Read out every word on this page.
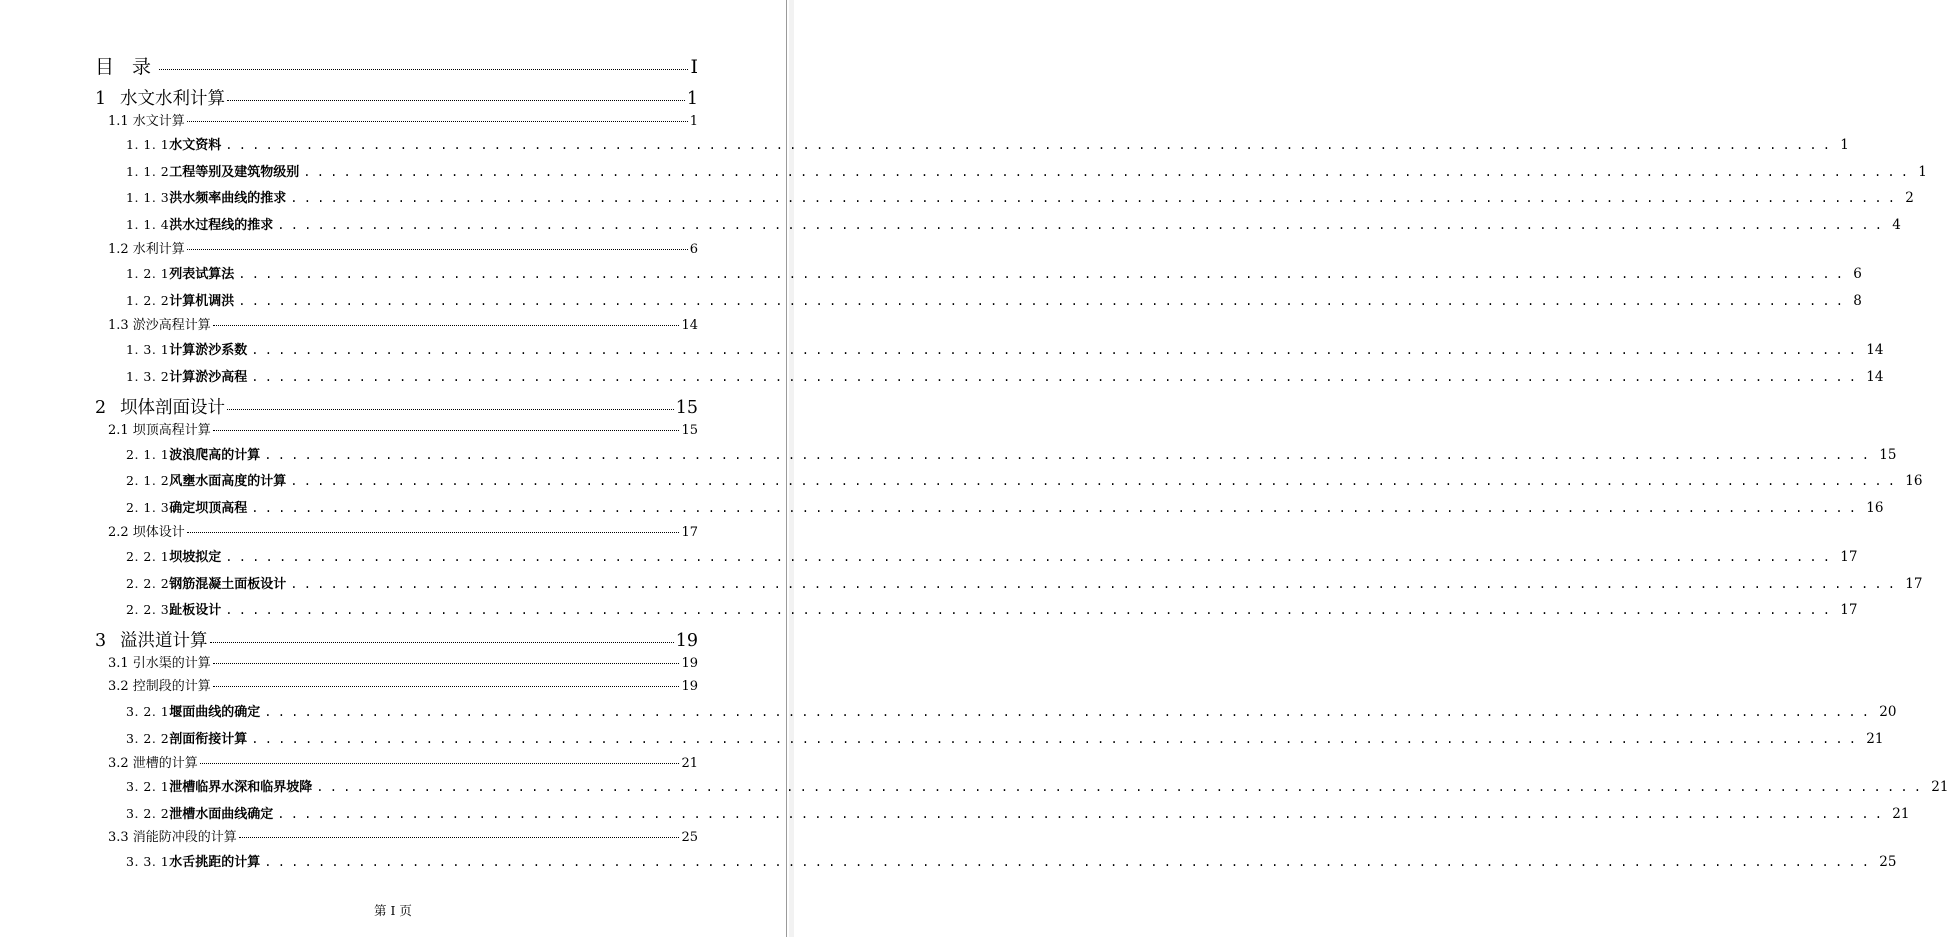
目 录	I
1 水文水利计算	1
1.1 水文计算	1
1. 1. 1水文资料 ........................................................................................................................ 1
1. 1. 2工程等别及建筑物级别 ........................................................................................................................ 1
1. 1. 3洪水频率曲线的推求 ........................................................................................................................ 2
1. 1. 4洪水过程线的推求 ........................................................................................................................ 4
1.2 水利计算	6
1. 2. 1列表试算法 ........................................................................................................................ 6
1. 2. 2计算机调洪 ........................................................................................................................ 8
1.3 淤沙高程计算	14
1. 3. 1计算淤沙系数 ........................................................................................................................ 14
1. 3. 2计算淤沙高程 ........................................................................................................................ 14
2 坝体剖面设计	15
2.1 坝顶高程计算	15
2. 1. 1波浪爬高的计算 ........................................................................................................................ 15
2. 1. 2风壅水面高度的计算 ........................................................................................................................ 16
2. 1. 3确定坝顶高程 ........................................................................................................................ 16
2.2 坝体设计	17
2. 2. 1坝坡拟定 ........................................................................................................................ 17
2. 2. 2钢筋混凝土面板设计 ........................................................................................................................ 17
2. 2. 3趾板设计 ........................................................................................................................ 17
3 溢洪道计算	19
3.1 引水渠的计算	19
3.2 控制段的计算	19
3. 2. 1堰面曲线的确定 ........................................................................................................................ 20
3. 2. 2剖面衔接计算 ........................................................................................................................ 21
3.2 泄槽的计算	21
3. 2. 1泄槽临界水深和临界坡降 ........................................................................................................................ 21
3. 2. 2泄槽水面曲线确定 ........................................................................................................................ 21
3.3 消能防冲段的计算	25
3. 3. 1水舌挑距的计算 ........................................................................................................................ 25
第 I 页
